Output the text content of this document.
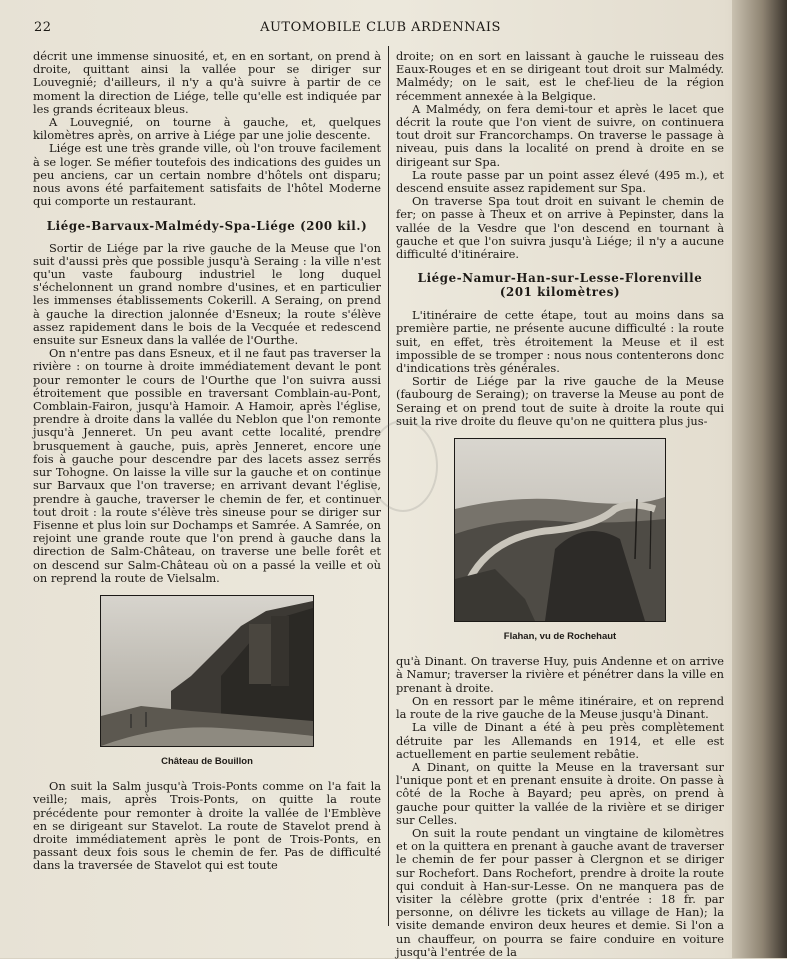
22	AUTOMOBILE CLUB ARDENNAIS

décrit une immense sinuosité, et, en en sortant, on prend à droite, quittant ainsi la vallée pour se diriger sur Louvegnié; d'ailleurs, il n'y a qu'à suivre à partir de ce moment la direction de Liége, telle qu'elle est indiquée par les grands écriteaux bleus.

A Louvegnié, on tourne à gauche, et, quelques kilomètres après, on arrive à Liége par une jolie descente.

Liége est une très grande ville, où l'on trouve facilement à se loger. Se méfier toutefois des indications des guides un peu anciens, car un certain nombre d'hôtels ont disparu; nous avons été parfaitement satisfaits de l'hôtel Moderne qui comporte un restaurant.

Liége-Barvaux-Malmédy-Spa-Liége (200 kil.)

Sortir de Liége par la rive gauche de la Meuse que l'on suit d'aussi près que possible jusqu'à Seraing : la ville n'est qu'un vaste faubourg industriel le long duquel s'échelonnent un grand nombre d'usines, et en particulier les immenses établissements Cokerill. A Seraing, on prend à gauche la direction jalonnée d'Esneux; la route s'élève assez rapidement dans le bois de la Vecquée et redescend ensuite sur Esneux dans la vallée de l'Ourthe.

On n'entre pas dans Esneux, et il ne faut pas traverser la rivière : on tourne à droite immédiatement devant le pont pour remonter le cours de l'Ourthe que l'on suivra aussi étroitement que possible en traversant Comblain-au-Pont, Comblain-Fairon, jusqu'à Hamoir. A Hamoir, après l'église, prendre à droite dans la vallée du Neblon que l'on remonte jusqu'à Jenneret. Un peu avant cette localité, prendre brusquement à gauche, puis, après Jenneret, encore une fois à gauche pour descendre par des lacets assez serrés sur Tohogne. On laisse la ville sur la gauche et on continue sur Barvaux que l'on traverse; en arrivant devant l'église, prendre à gauche, traverser le chemin de fer, et continuer tout droit : la route s'élève très sineuse pour se diriger sur Fisenne et plus loin sur Dochamps et Samrée. A Samrée, on rejoint une grande route que l'on prend à gauche dans la direction de Salm-Château, on traverse une belle forêt et on descend sur Salm-Château où on a passé la veille et où on reprend la route de Vielsalm.

Château de Bouillon

On suit la Salm jusqu'à Trois-Ponts comme on l'a fait la veille; mais, après Trois-Ponts, on quitte la route précédente pour remonter à droite la vallée de l'Emblève en se dirigeant sur Stavelot. La route de Stavelot prend à droite immédiatement après le pont de Trois-Ponts, en passant deux fois sous le chemin de fer. Pas de difficulté dans la traversée de Stavelot qui est toute

droite; on en sort en laissant à gauche le ruisseau des Eaux-Rouges et en se dirigeant tout droit sur Malmédy. Malmédy; on le sait, est le chef-lieu de la région récemment annexée à la Belgique.

A Malmédy, on fera demi-tour et après le lacet que décrit la route que l'on vient de suivre, on continuera tout droit sur Francorchamps. On traverse le passage à niveau, puis dans la localité on prend à droite en se dirigeant sur Spa.

La route passe par un point assez élevé (495 m.), et descend ensuite assez rapidement sur Spa.

On traverse Spa tout droit en suivant le chemin de fer; on passe à Theux et on arrive à Pepinster, dans la vallée de la Vesdre que l'on descend en tournant à gauche et que l'on suivra jusqu'à Liége; il n'y a aucune difficulté d'itinéraire.

Liége-Namur-Han-sur-Lesse-Florenville
(201 kilomètres)

L'itinéraire de cette étape, tout au moins dans sa première partie, ne présente aucune difficulté : la route suit, en effet, très étroitement la Meuse et il est impossible de se tromper : nous nous contenterons donc d'indications très générales.

Sortir de Liége par la rive gauche de la Meuse (faubourg de Seraing); on traverse la Meuse au pont de Seraing et on prend tout de suite à droite la route qui suit la rive droite du fleuve qu'on ne quittera plus jus-

Flahan, vu de Rochehaut

qu'à Dinant. On traverse Huy, puis Andenne et on arrive à Namur; traverser la rivière et pénétrer dans la ville en prenant à droite.

On en ressort par le même itinéraire, et on reprend la route de la rive gauche de la Meuse jusqu'à Dinant.

La ville de Dinant a été à peu près complètement détruite par les Allemands en 1914, et elle est actuellement en partie seulement rebâtie.

A Dinant, on quitte la Meuse en la traversant sur l'unique pont et en prenant ensuite à droite. On passe à côté de la Roche à Bayard; peu après, on prend à gauche pour quitter la vallée de la rivière et se diriger sur Celles.

On suit la route pendant un vingtaine de kilomètres et on la quittera en prenant à gauche avant de traverser le chemin de fer pour passer à Clergnon et se diriger sur Rochefort. Dans Rochefort, prendre à droite la route qui conduit à Han-sur-Lesse. On ne manquera pas de visiter la célèbre grotte (prix d'entrée : 18 fr. par personne, on délivre les tickets au village de Han); la visite demande environ deux heures et demie. Si l'on a un chauffeur, on pourra se faire conduire en voiture jusqu'à l'entrée de la
